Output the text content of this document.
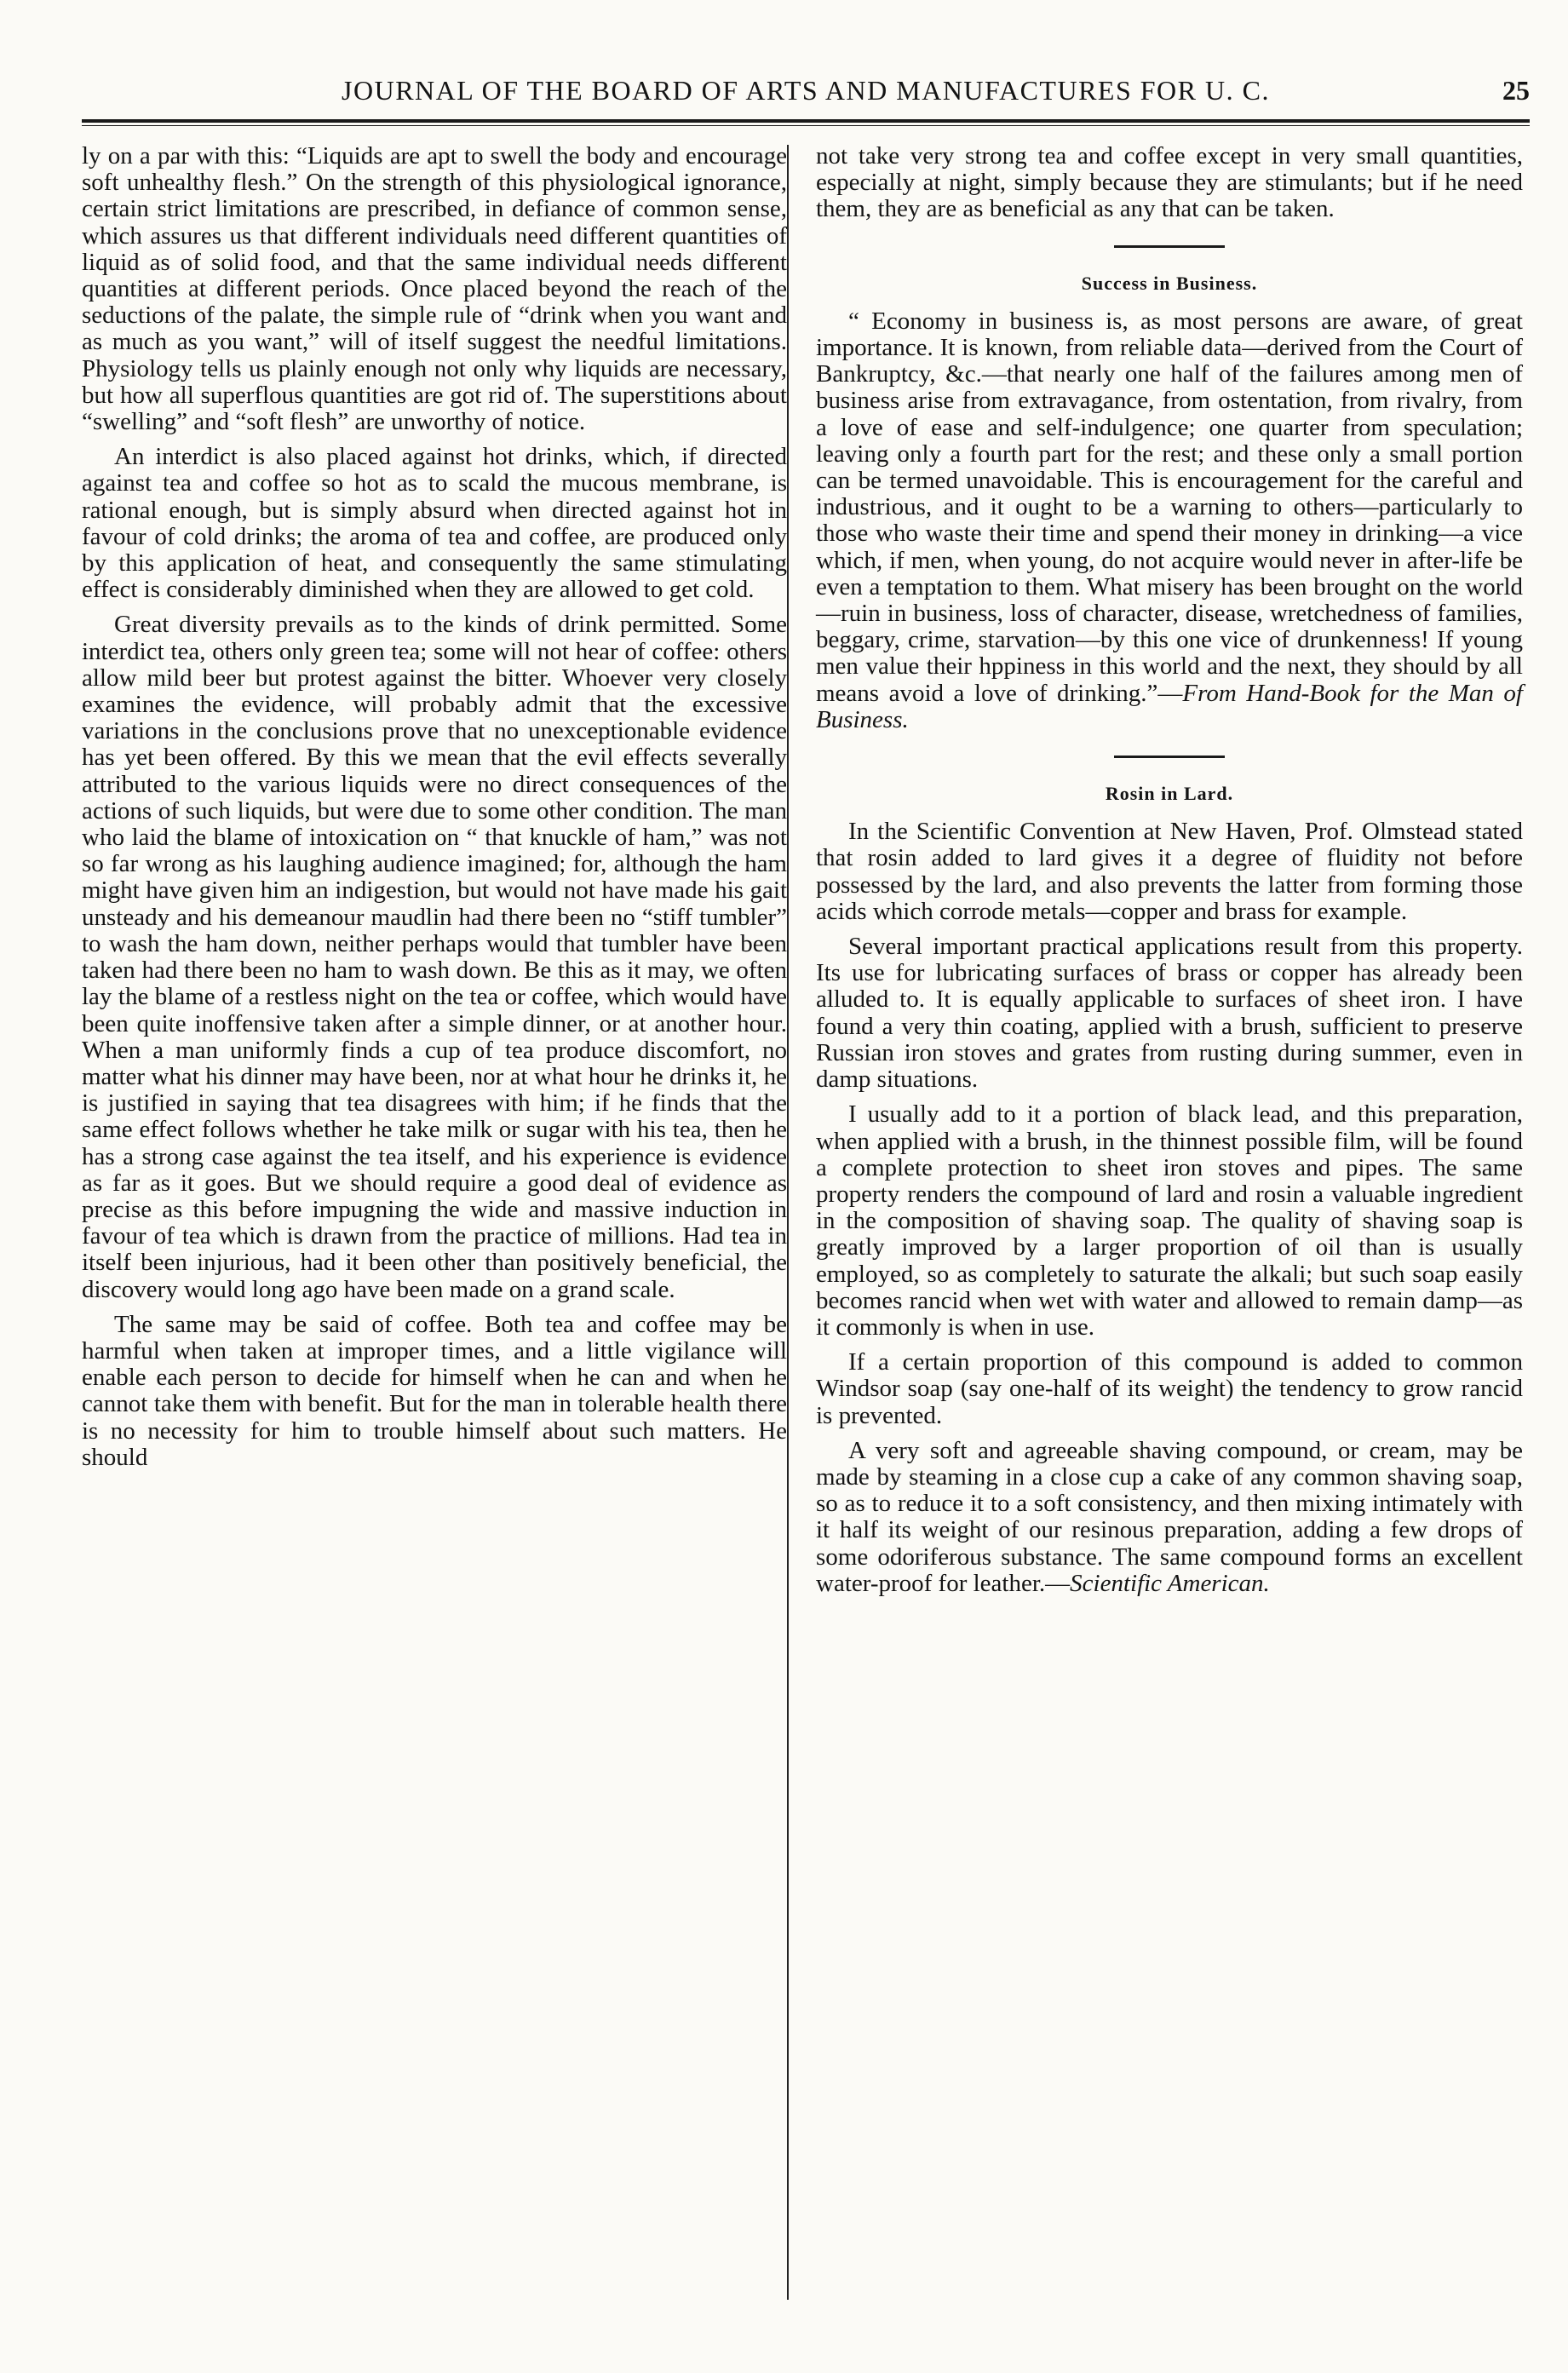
JOURNAL OF THE BOARD OF ARTS AND MANUFACTURES FOR U. C.	25

ly on a par with this: “Liquids are apt to swell the body and encourage soft unhealthy flesh.” On the strength of this physiological ignorance, certain strict limitations are prescribed, in defiance of common sense, which assures us that different individuals need different quantities of liquid as of solid food, and that the same individual needs different quantities at different periods. Once placed beyond the reach of the seductions of the palate, the simple rule of “drink when you want and as much as you want,” will of itself suggest the needful limitations. Physiology tells us plainly enough not only why liquids are necessary, but how all superflous quantities are got rid of. The superstitions about “swelling” and “soft flesh” are unworthy of notice.

An interdict is also placed against hot drinks, which, if directed against tea and coffee so hot as to scald the mucous membrane, is rational enough, but is simply absurd when directed against hot in favour of cold drinks; the aroma of tea and coffee, are produced only by this application of heat, and consequently the same stimulating effect is considerably diminished when they are allowed to get cold.

Great diversity prevails as to the kinds of drink permitted. Some interdict tea, others only green tea; some will not hear of coffee: others allow mild beer but protest against the bitter. Whoever very closely examines the evidence, will probably admit that the excessive variations in the conclusions prove that no unexceptionable evidence has yet been offered. By this we mean that the evil effects severally attributed to the various liquids were no direct consequences of the actions of such liquids, but were due to some other condition. The man who laid the blame of intoxication on “ that knuckle of ham,” was not so far wrong as his laughing audience imagined; for, although the ham might have given him an indigestion, but would not have made his gait unsteady and his demeanour maudlin had there been no “stiff tumbler” to wash the ham down, neither perhaps would that tumbler have been taken had there been no ham to wash down. Be this as it may, we often lay the blame of a restless night on the tea or coffee, which would have been quite inoffensive taken after a simple dinner, or at another hour. When a man uniformly finds a cup of tea produce discomfort, no matter what his dinner may have been, nor at what hour he drinks it, he is justified in saying that tea disagrees with him; if he finds that the same effect follows whether he take milk or sugar with his tea, then he has a strong case against the tea itself, and his experience is evidence as far as it goes. But we should require a good deal of evidence as precise as this before impugning the wide and massive induction in favour of tea which is drawn from the practice of millions. Had tea in itself been injurious, had it been other than positively beneficial, the discovery would long ago have been made on a grand scale.

The same may be said of coffee. Both tea and coffee may be harmful when taken at improper times, and a little vigilance will enable each person to decide for himself when he can and when he cannot take them with benefit. But for the man in tolerable health there is no necessity for him to trouble himself about such matters. He should

not take very strong tea and coffee except in very small quantities, especially at night, simply because they are stimulants; but if he need them, they are as beneficial as any that can be taken.

Success in Business.

“ Economy in business is, as most persons are aware, of great importance. It is known, from reliable data—derived from the Court of Bankruptcy, &c.—that nearly one half of the failures among men of business arise from extravagance, from ostentation, from rivalry, from a love of ease and self-indulgence; one quarter from speculation; leaving only a fourth part for the rest; and these only a small portion can be termed unavoidable. This is encouragement for the careful and industrious, and it ought to be a warning to others—particularly to those who waste their time and spend their money in drinking—a vice which, if men, when young, do not acquire would never in after-life be even a temptation to them. What misery has been brought on the world—ruin in business, loss of character, disease, wretchedness of families, beggary, crime, starvation—by this one vice of drunkenness! If young men value their hppiness in this world and the next, they should by all means avoid a love of drinking.”—From Hand-Book for the Man of Business.

Rosin in Lard.

In the Scientific Convention at New Haven, Prof. Olmstead stated that rosin added to lard gives it a degree of fluidity not before possessed by the lard, and also prevents the latter from forming those acids which corrode metals—copper and brass for example.

Several important practical applications result from this property. Its use for lubricating surfaces of brass or copper has already been alluded to. It is equally applicable to surfaces of sheet iron. I have found a very thin coating, applied with a brush, sufficient to preserve Russian iron stoves and grates from rusting during summer, even in damp situations.

I usually add to it a portion of black lead, and this preparation, when applied with a brush, in the thinnest possible film, will be found a complete protection to sheet iron stoves and pipes. The same property renders the compound of lard and rosin a valuable ingredient in the composition of shaving soap. The quality of shaving soap is greatly improved by a larger proportion of oil than is usually employed, so as completely to saturate the alkali; but such soap easily becomes rancid when wet with water and allowed to remain damp—as it commonly is when in use.

If a certain proportion of this compound is added to common Windsor soap (say one-half of its weight) the tendency to grow rancid is prevented.

A very soft and agreeable shaving compound, or cream, may be made by steaming in a close cup a cake of any common shaving soap, so as to reduce it to a soft consistency, and then mixing intimately with it half its weight of our resinous preparation, adding a few drops of some odoriferous substance. The same compound forms an excellent water-proof for leather.—Scientific American.
